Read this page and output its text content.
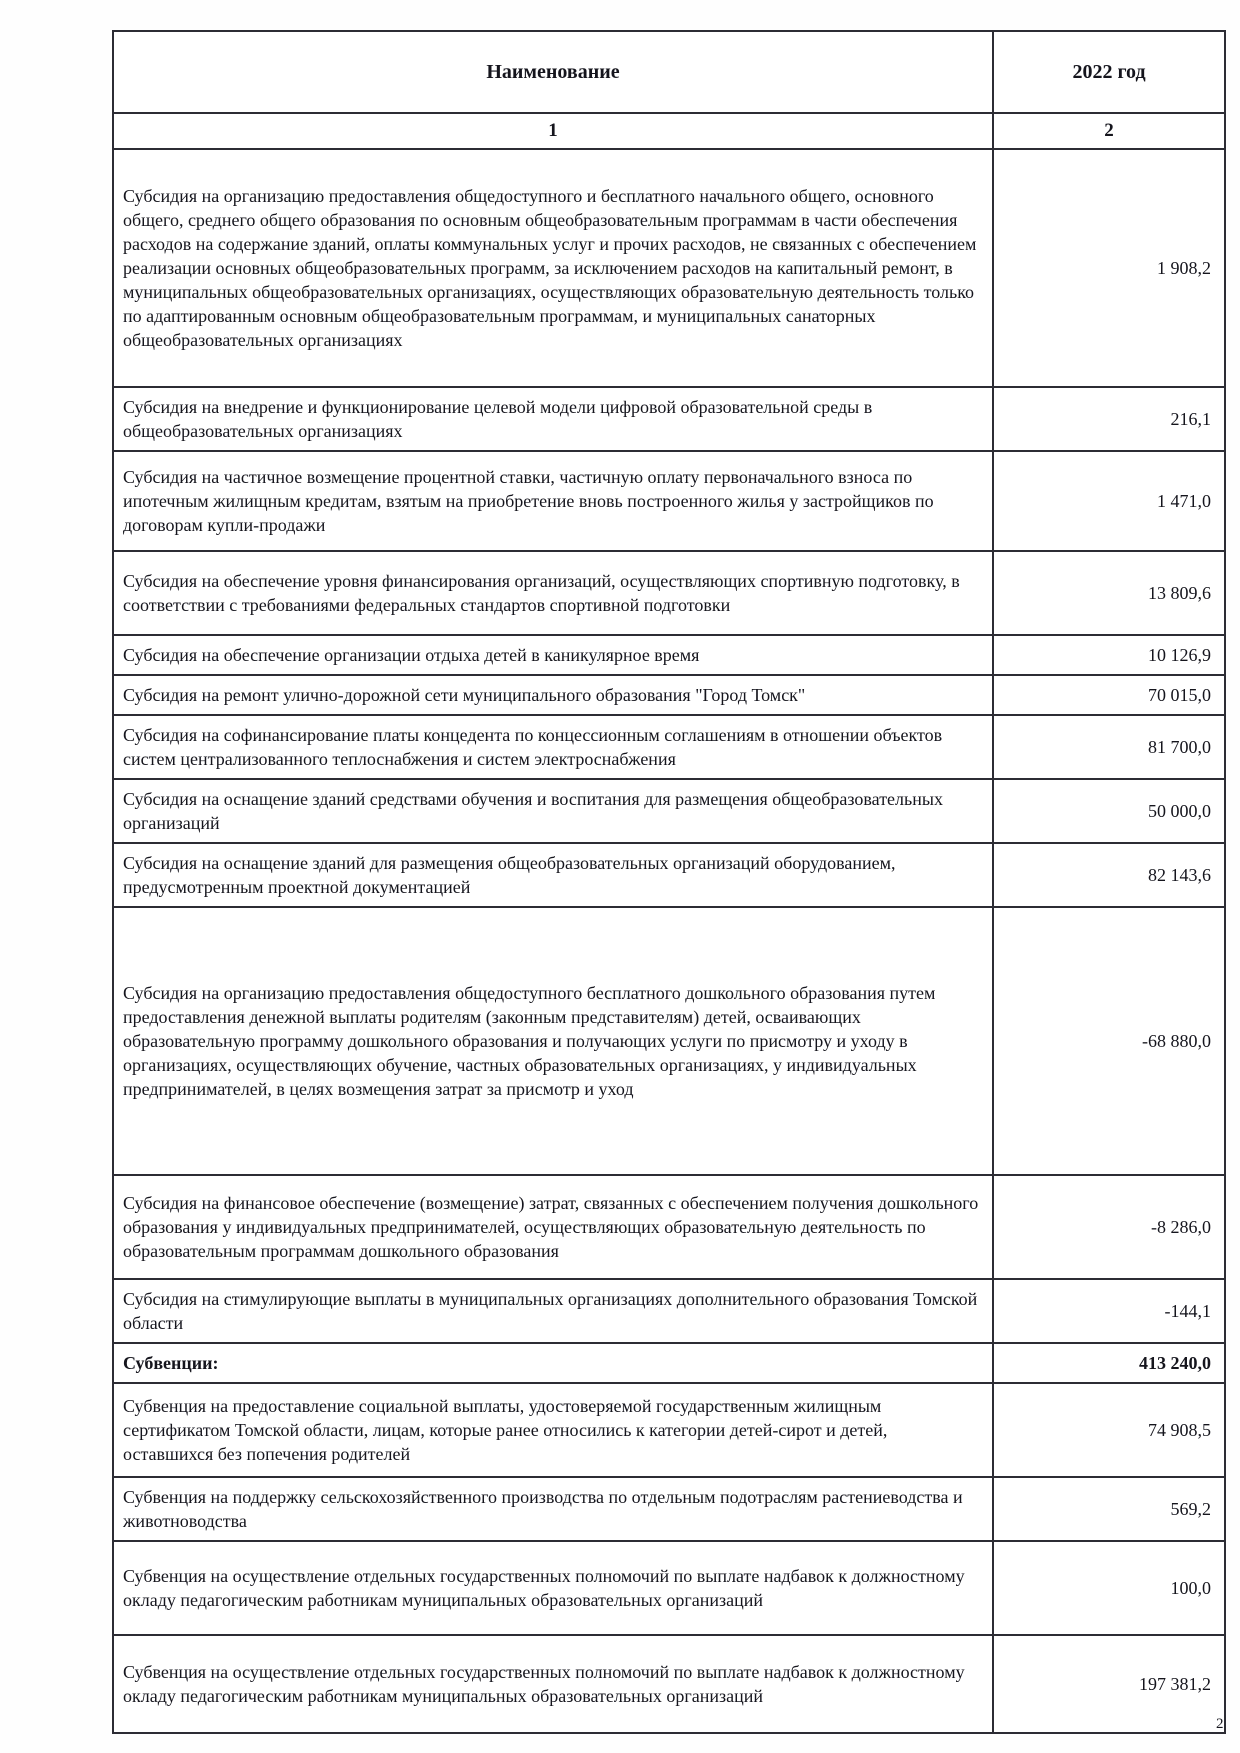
Наименование	2022 год
1	2
Субсидия на организацию предоставления общедоступного и бесплатного начального общего, основного общего, среднего общего образования по основным общеобразовательным программам в части обеспечения расходов на содержание зданий, оплаты коммунальных услуг и прочих расходов, не связанных с обеспечением реализации основных общеобразовательных программ, за исключением расходов на капитальный ремонт, в муниципальных общеобразовательных организациях, осуществляющих образовательную деятельность только по адаптированным основным общеобразовательным программам, и муниципальных санаторных общеобразовательных организациях	1 908,2
Субсидия на внедрение и функционирование целевой модели цифровой образовательной среды в общеобразовательных организациях	216,1
Субсидия на частичное возмещение процентной ставки, частичную оплату первоначального взноса по ипотечным жилищным кредитам, взятым на приобретение вновь построенного жилья у застройщиков по договорам купли-продажи	1 471,0
Субсидия на обеспечение уровня финансирования организаций, осуществляющих спортивную подготовку, в соответствии с требованиями федеральных стандартов спортивной подготовки	13 809,6
Субсидия на обеспечение организации отдыха детей в каникулярное время	10 126,9
Субсидия на ремонт улично-дорожной сети муниципального образования "Город Томск"	70 015,0
Субсидия на софинансирование платы концедента по концессионным соглашениям в отношении объектов систем централизованного теплоснабжения и систем электроснабжения	81 700,0
Субсидия на оснащение зданий средствами обучения и воспитания для размещения общеобразовательных организаций	50 000,0
Субсидия на оснащение зданий для размещения общеобразовательных организаций оборудованием, предусмотренным проектной документацией	82 143,6
Субсидия на организацию предоставления общедоступного бесплатного дошкольного образования путем предоставления денежной выплаты родителям (законным представителям) детей, осваивающих образовательную программу дошкольного образования и получающих услуги по присмотру и уходу в организациях, осуществляющих обучение, частных образовательных организациях, у индивидуальных предпринимателей, в целях возмещения затрат за присмотр и уход	-68 880,0
Субсидия на финансовое обеспечение (возмещение) затрат, связанных с обеспечением получения дошкольного образования у индивидуальных предпринимателей, осуществляющих образовательную деятельность по образовательным программам дошкольного образования	-8 286,0
Субсидия на стимулирующие выплаты в муниципальных организациях дополнительного образования Томской области	-144,1
Субвенции:	413 240,0
Субвенция на предоставление социальной выплаты, удостоверяемой государственным жилищным сертификатом Томской области, лицам, которые ранее относились к категории детей-сирот и детей, оставшихся без попечения родителей	74 908,5
Субвенция на поддержку сельскохозяйственного производства по отдельным подотраслям растениеводства и животноводства	569,2
Субвенция на осуществление отдельных государственных полномочий по выплате надбавок к должностному окладу педагогическим работникам муниципальных образовательных организаций	100,0
Субвенция на осуществление отдельных государственных полномочий по выплате надбавок к должностному окладу педагогическим работникам муниципальных образовательных организаций	197 381,2
2
